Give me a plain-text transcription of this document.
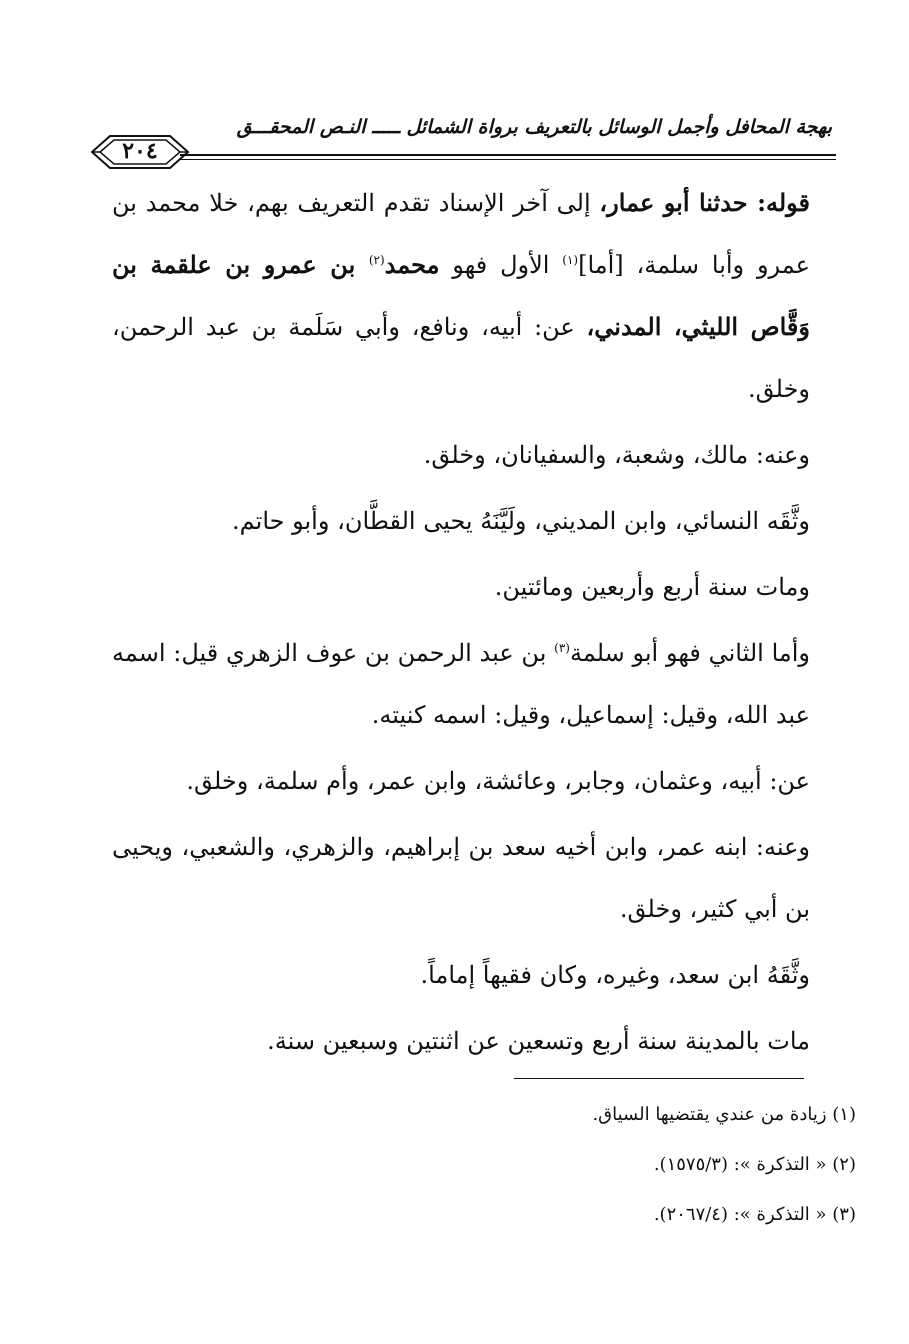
بهجة المحافل وأجمل الوسائل بالتعريف برواة الشمائل ـــــ النـص المحقـــق
٢٠٤

قوله: حدثنا أبو عمار، إلى آخر الإسناد تقدم التعريف بهم، خلا محمد بن عمرو وأبا سلمة، [أما]$^{(١)}$ الأول فهو محمد$^{(٢)}$ بن عمرو بن علقمة بن وَقَّاص الليثي، المدني، عن: أبيه، ونافع، وأبي سَلَمة بن عبد الرحمن، وخلق.

وعنه: مالك، وشعبة، والسفيانان، وخلق.

وثَّقَه النسائي، وابن المديني، ولَيَّنَهُ يحيى القطَّان، وأبو حاتم.

ومات سنة أربع وأربعين ومائتين.

وأما الثاني فهو أبو سلمة$^{(٣)}$ بن عبد الرحمن بن عوف الزهري قيل: اسمه عبد الله، وقيل: إسماعيل، وقيل: اسمه كنيته.

عن: أبيه، وعثمان، وجابر، وعائشة، وابن عمر، وأم سلمة، وخلق.

وعنه: ابنه عمر، وابن أخيه سعد بن إبراهيم، والزهري، والشعبي، ويحيى بن أبي كثير، وخلق.

وثَّقَهُ ابن سعد، وغيره، وكان فقيهاً إماماً.

مات بالمدينة سنة أربع وتسعين عن اثنتين وسبعين سنة.

(١) زيادة من عندي يقتضيها السياق.

(٢) « التذكرة »: (١٥٧٥/٣).

(٣) « التذكرة »: (٢٠٦٧/٤).
